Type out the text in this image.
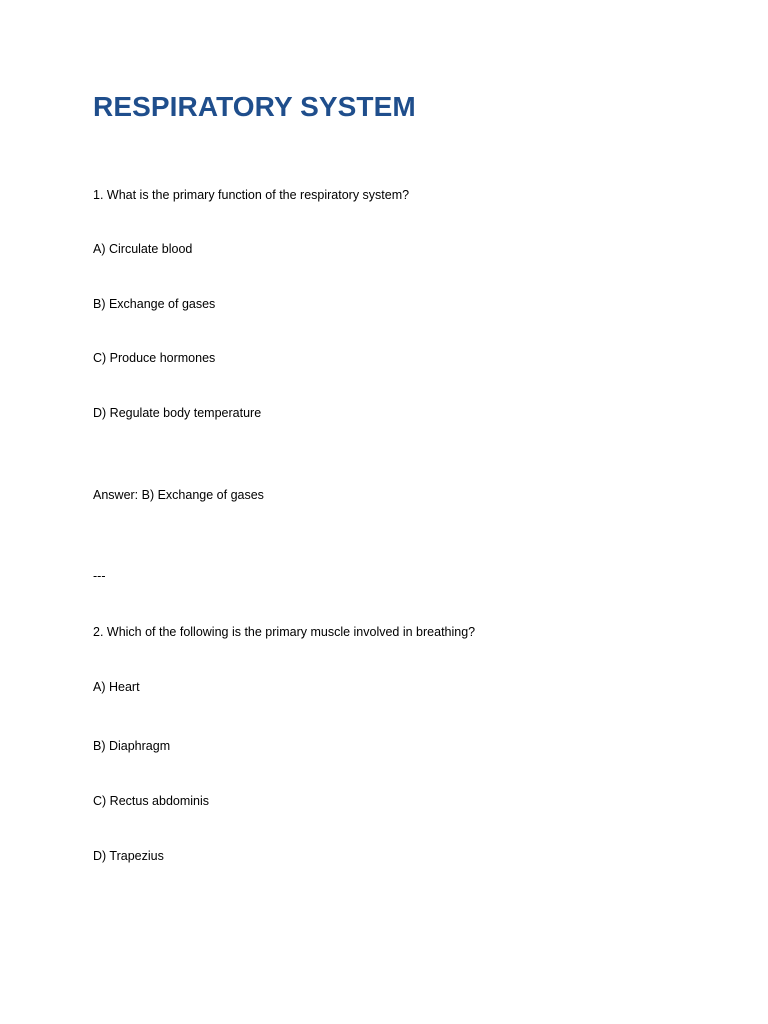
RESPIRATORY SYSTEM

1. What is the primary function of the respiratory system?

A) Circulate blood

B) Exchange of gases

C) Produce hormones

D) Regulate body temperature

Answer: B) Exchange of gases

---

2. Which of the following is the primary muscle involved in breathing?

A) Heart

B) Diaphragm

C) Rectus abdominis

D) Trapezius
